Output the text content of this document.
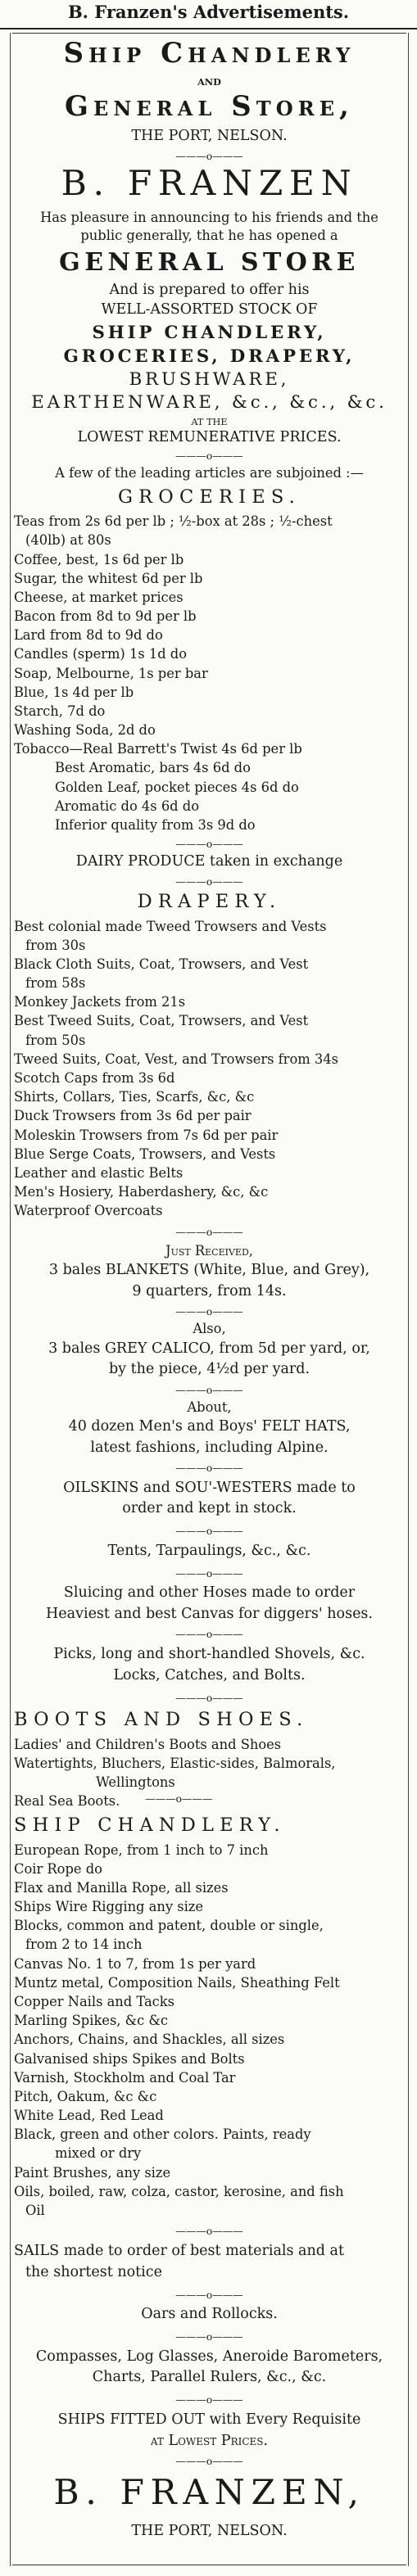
B. Franzen's Advertisements.

Ship Chandlery

AND

General Store,

THE PORT, NELSON.

———o———

B. FRANZEN

Has pleasure in announcing to his friends and the

public generally, that he has opened a

GENERAL STORE

And is prepared to offer his

WELL-ASSORTED STOCK OF

SHIP CHANDLERY,

GROCERIES, DRAPERY,

BRUSHWARE,

EARTHENWARE, &c., &c., &c.

AT THE

LOWEST REMUNERATIVE PRICES.

———o———

A few of the leading articles are subjoined :—

GROCERIES.

Teas from 2s 6d per lb ; ½-box at 28s ; ½-chest

(40lb) at 80s

Coffee, best, 1s 6d per lb

Sugar, the whitest 6d per lb

Cheese, at market prices

Bacon from 8d to 9d per lb

Lard from 8d to 9d do

Candles (sperm) 1s 1d do

Soap, Melbourne, 1s per bar

Blue, 1s 4d per lb

Starch, 7d do

Washing Soda, 2d do

Tobacco—Real Barrett's Twist 4s 6d per lb

Best Aromatic, bars 4s 6d do

Golden Leaf, pocket pieces 4s 6d do

Aromatic do 4s 6d do

Inferior quality from 3s 9d do

———o———

DAIRY PRODUCE taken in exchange

———o———

DRAPERY.

Best colonial made Tweed Trowsers and Vests

from 30s

Black Cloth Suits, Coat, Trowsers, and Vest

from 58s

Monkey Jackets from 21s

Best Tweed Suits, Coat, Trowsers, and Vest

from 50s

Tweed Suits, Coat, Vest, and Trowsers from 34s

Scotch Caps from 3s 6d

Shirts, Collars, Ties, Scarfs, &c, &c

Duck Trowsers from 3s 6d per pair

Moleskin Trowsers from 7s 6d per pair

Blue Serge Coats, Trowsers, and Vests

Leather and elastic Belts

Men's Hosiery, Haberdashery, &c, &c

Waterproof Overcoats

———o———

Just Received,

3 bales BLANKETS (White, Blue, and Grey),

9 quarters, from 14s.

———o———

Also,

3 bales GREY CALICO, from 5d per yard, or,

by the piece, 4½d per yard.

———o———

About,

40 dozen Men's and Boys' FELT HATS,

latest fashions, including Alpine.

———o———

OILSKINS and SOU'-WESTERS made to

order and kept in stock.

———o———

Tents, Tarpaulings, &c., &c.

———o———

Sluicing and other Hoses made to order

Heaviest and best Canvas for diggers' hoses.

———o———

Picks, long and short-handled Shovels, &c.

Locks, Catches, and Bolts.

———o———

BOOTS AND SHOES.

Ladies' and Children's Boots and Shoes

Watertights, Bluchers, Elastic-sides, Balmorals,

Wellingtons

Real Sea Boots.	———o———

SHIP CHANDLERY.

European Rope, from 1 inch to 7 inch

Coir Rope do

Flax and Manilla Rope, all sizes

Ships Wire Rigging any size

Blocks, common and patent, double or single,

from 2 to 14 inch

Canvas No. 1 to 7, from 1s per yard

Muntz metal, Composition Nails, Sheathing Felt

Copper Nails and Tacks

Marling Spikes, &c &c

Anchors, Chains, and Shackles, all sizes

Galvanised ships Spikes and Bolts

Varnish, Stockholm and Coal Tar

Pitch, Oakum, &c &c

White Lead, Red Lead

Black, green and other colors. Paints, ready

mixed or dry

Paint Brushes, any size

Oils, boiled, raw, colza, castor, kerosine, and fish

Oil

———o———

SAILS made to order of best materials and at

the shortest notice

———o———

Oars and Rollocks.

———o———

Compasses, Log Glasses, Aneroide Barometers,

Charts, Parallel Rulers, &c., &c.

———o———

SHIPS FITTED OUT with Every Requisite

at Lowest Prices.

———o———

B. FRANZEN,

THE PORT, NELSON.
